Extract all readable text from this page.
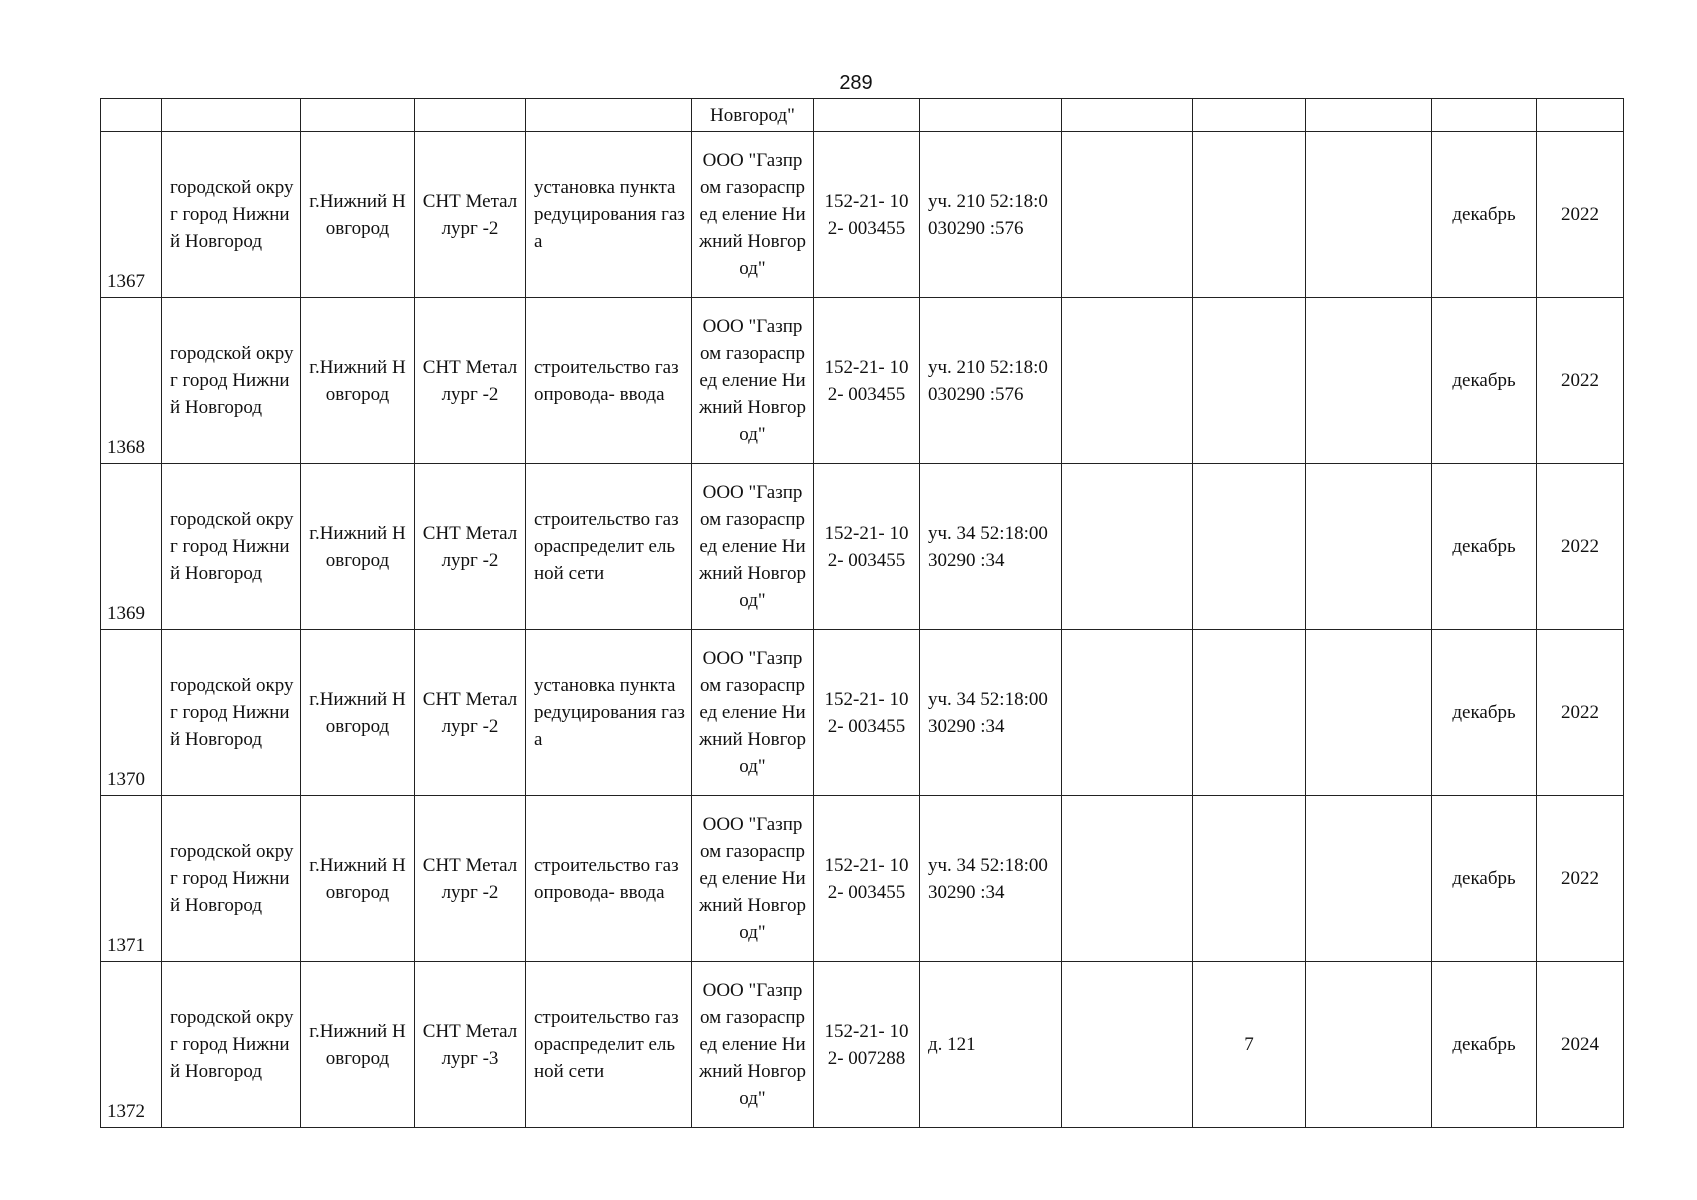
289
					Новгород"							
1367	городской округ город Нижний Новгород	г.Нижний Новгород	СНТ Металлург -2	установка пункта редуцирования газа	ООО "Газпром газораспред еление Нижний Новгород"	152-21- 102- 003455	уч. 210 52:18:0030290 :576				декабрь	2022
1368	городской округ город Нижний Новгород	г.Нижний Новгород	СНТ Металлург -2	строительство газопровода- ввода	ООО "Газпром газораспред еление Нижний Новгород"	152-21- 102- 003455	уч. 210 52:18:0030290 :576				декабрь	2022
1369	городской округ город Нижний Новгород	г.Нижний Новгород	СНТ Металлург -2	строительство газораспределит ельной сети	ООО "Газпром газораспред еление Нижний Новгород"	152-21- 102- 003455	уч. 34 52:18:0030290 :34				декабрь	2022
1370	городской округ город Нижний Новгород	г.Нижний Новгород	СНТ Металлург -2	установка пункта редуцирования газа	ООО "Газпром газораспред еление Нижний Новгород"	152-21- 102- 003455	уч. 34 52:18:0030290 :34				декабрь	2022
1371	городской округ город Нижний Новгород	г.Нижний Новгород	СНТ Металлург -2	строительство газопровода- ввода	ООО "Газпром газораспред еление Нижний Новгород"	152-21- 102- 003455	уч. 34 52:18:0030290 :34				декабрь	2022
1372	городской округ город Нижний Новгород	г.Нижний Новгород	СНТ Металлург -3	строительство газораспределит ельной сети	ООО "Газпром газораспред еление Нижний Новгород"	152-21- 102- 007288	д. 121		7		декабрь	2024
